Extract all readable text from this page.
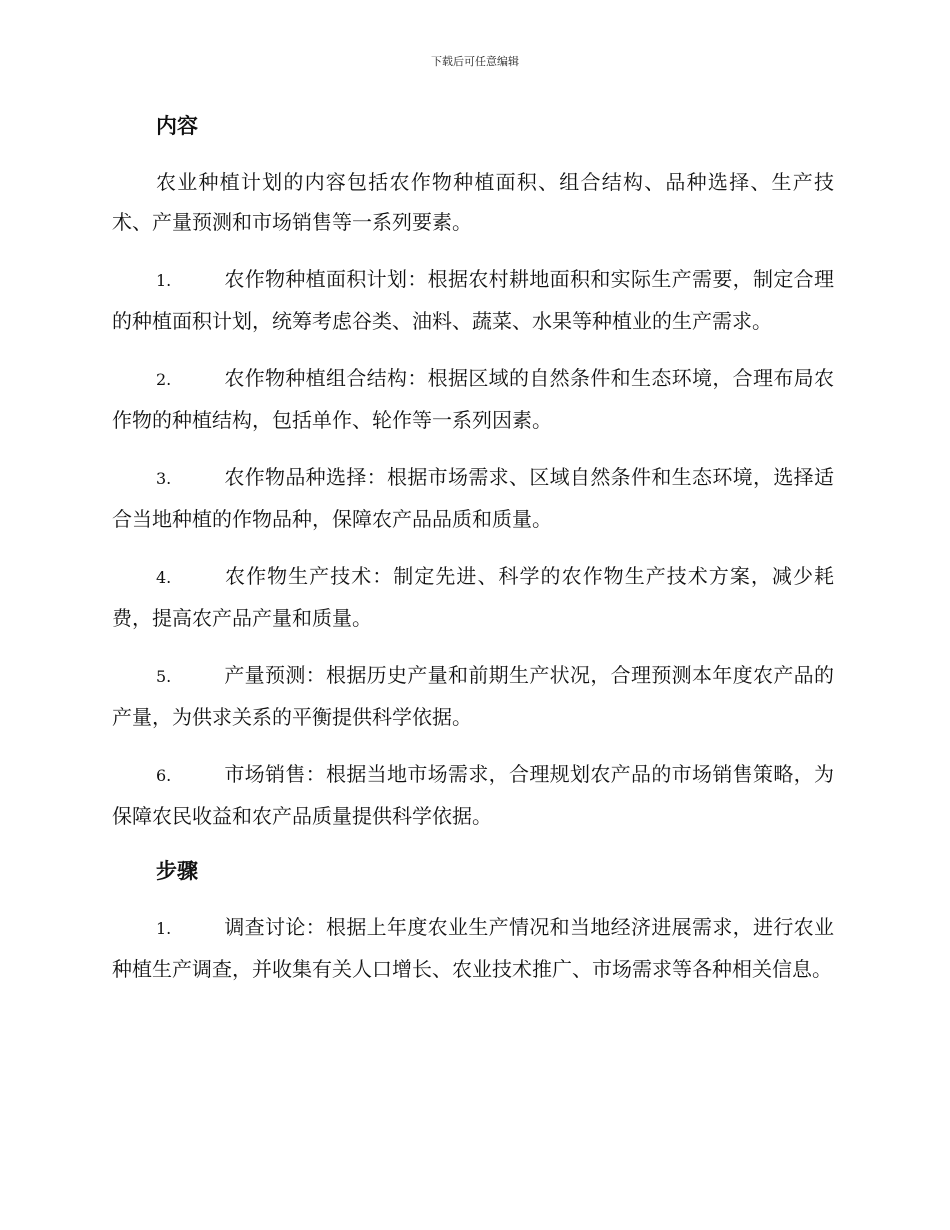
下载后可任意编辑
内容

农业种植计划的内容包括农作物种植面积、组合结构、品种选择、生产技术、产量预测和市场销售等一系列要素。

1.	农作物种植面积计划：根据农村耕地面积和实际生产需要，制定合理的种植面积计划，统筹考虑谷类、油料、蔬菜、水果等种植业的生产需求。

2.	农作物种植组合结构：根据区域的自然条件和生态环境，合理布局农作物的种植结构，包括单作、轮作等一系列因素。

3.	农作物品种选择：根据市场需求、区域自然条件和生态环境，选择适合当地种植的作物品种，保障农产品品质和质量。

4.	农作物生产技术：制定先进、科学的农作物生产技术方案，减少耗费，提高农产品产量和质量。

5.	产量预测：根据历史产量和前期生产状况，合理预测本年度农产品的产量，为供求关系的平衡提供科学依据。

6.	市场销售：根据当地市场需求，合理规划农产品的市场销售策略，为保障农民收益和农产品质量提供科学依据。

步骤

1.	调查讨论：根据上年度农业生产情况和当地经济进展需求，进行农业种植生产调查，并收集有关人口增长、农业技术推广、市场需求等各种相关信息。
